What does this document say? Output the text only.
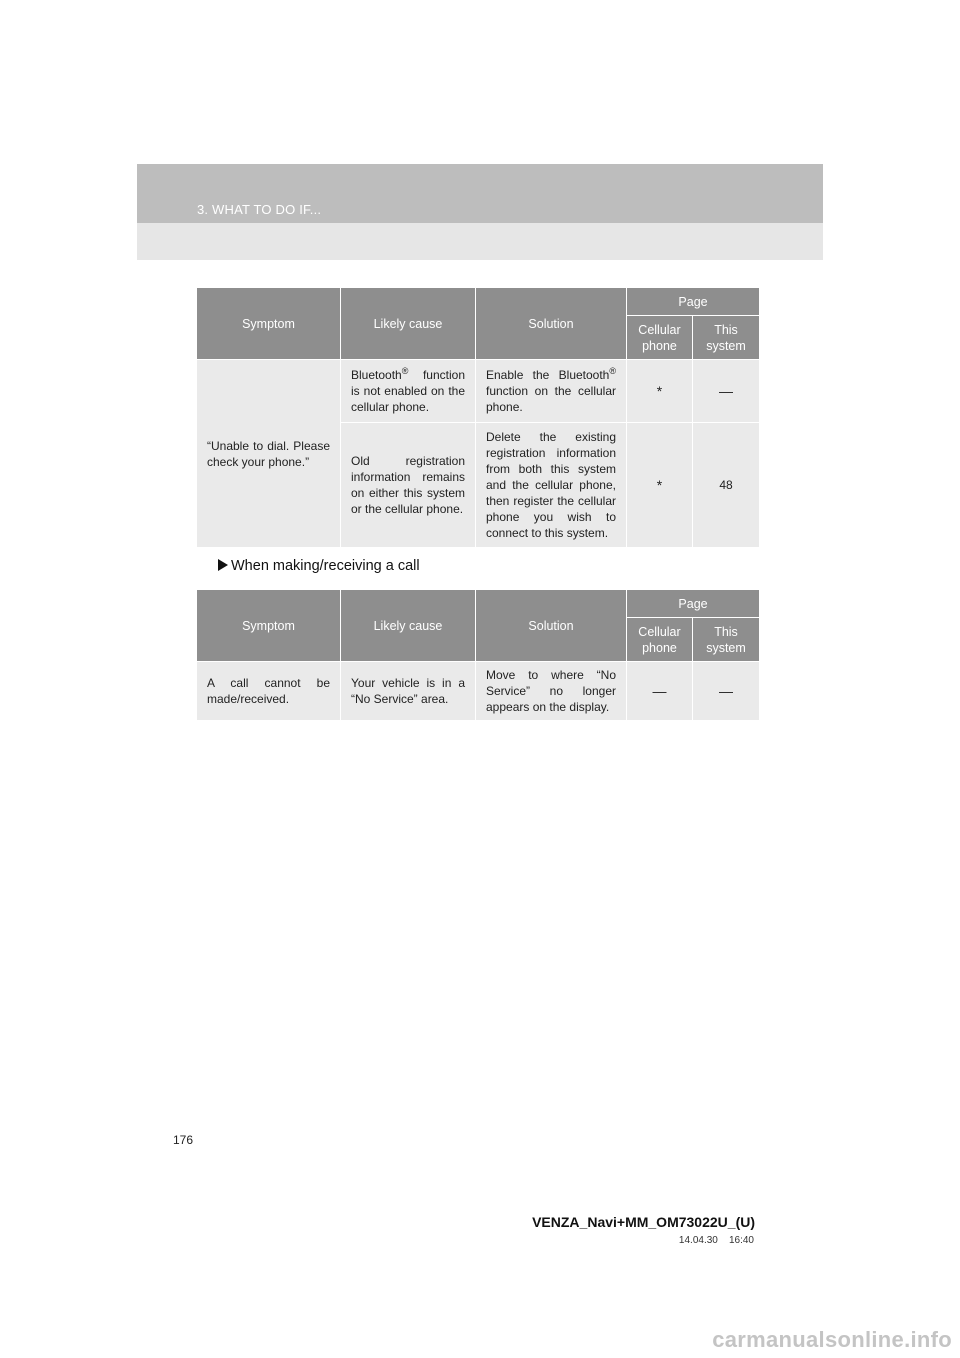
3. WHAT TO DO IF...
Symptom	Likely cause	Solution	Page	
			Cellular phone	This system
“Unable to dial. Please check your phone.”	Bluetooth® function is not enabled on the cellular phone.	Enable the Bluetooth® function on the cellular phone.	*	—
	Old registration information remains on either this system or the cellular phone.	Delete the existing registration information from both this system and the cellular phone, then register the cellular phone you wish to connect to this system.	*	48
When making/receiving a call
Symptom	Likely cause	Solution	Page	
			Cellular phone	This system
A call cannot be made/received.	Your vehicle is in a “No Service” area.	Move to where “No Service” no longer appears on the display.	—	—
176
VENZA_Navi+MM_OM73022U_(U)
14.04.30    16:40
carmanualsonline.info
